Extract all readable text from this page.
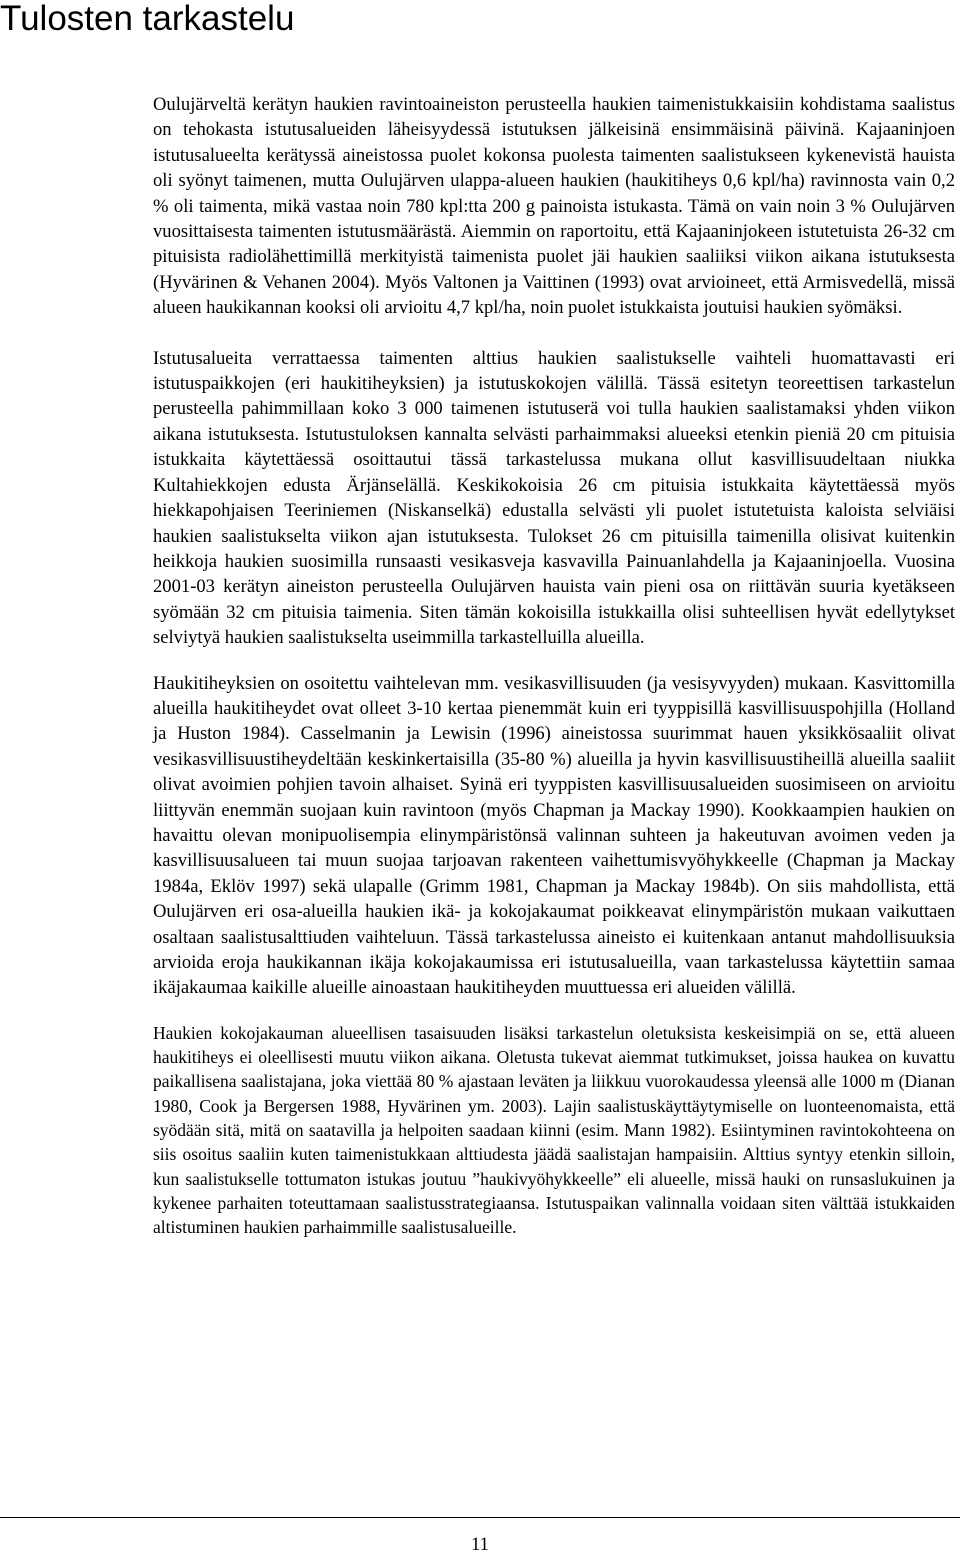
Tulosten tarkastelu

Oulujärveltä kerätyn haukien ravintoaineiston perusteella haukien taimenistukkaisiin kohdistama saalistus on tehokasta istutusalueiden läheisyydessä istutuksen jälkeisinä ensimmäisinä päivinä. Kajaaninjoen istutusalueelta kerätyssä aineistossa puolet kokonsa puolesta taimenten saalistukseen kykenevistä hauista oli syönyt taimenen, mutta Oulujärven ulappa-alueen haukien (haukitiheys 0,6 kpl/ha) ravinnosta vain 0,2 % oli taimenta, mikä vastaa noin 780 kpl:tta 200 g painoista istukasta. Tämä on vain noin 3 % Oulujärven vuosittaisesta taimenten istutusmäärästä. Aiemmin on raportoitu, että Kajaaninjokeen istutetuista 26-32 cm pituisista radiolähettimillä merkityistä taimenista puolet jäi haukien saaliiksi viikon aikana istutuksesta (Hyvärinen & Vehanen 2004). Myös Valtonen ja Vaittinen (1993) ovat arvioineet, että Armisvedellä, missä alueen haukikannan kooksi oli arvioitu 4,7 kpl/ha, noin puolet istukkaista joutuisi haukien syömäksi.

Istutusalueita verrattaessa taimenten alttius haukien saalistukselle vaihteli huomattavasti eri istutuspaikkojen (eri haukitiheyksien) ja istutuskokojen välillä. Tässä esitetyn teoreettisen tarkastelun perusteella pahimmillaan koko 3 000 taimenen istutuserä voi tulla haukien saalistamaksi yhden viikon aikana istutuksesta. Istutustuloksen kannalta selvästi parhaimmaksi alueeksi etenkin pieniä 20 cm pituisia istukkaita käytettäessä osoittautui tässä tarkastelussa mukana ollut kasvillisuudeltaan niukka Kultahiekkojen edusta Ärjänselällä. Keskikokoisia 26 cm pituisia istukkaita käytettäessä myös hiekkapohjaisen Teeriniemen (Niskanselkä) edustalla selvästi yli puolet istutetuista kaloista selviäisi haukien saalistukselta viikon ajan istutuksesta. Tulokset 26 cm pituisilla taimenilla olisivat kuitenkin heikkoja haukien suosimilla runsaasti vesikasveja kasvavilla Painuanlahdella ja Kajaaninjoella. Vuosina 2001-03 kerätyn aineiston perusteella Oulujärven hauista vain pieni osa on riittävän suuria kyetäkseen syömään 32 cm pituisia taimenia. Siten tämän kokoisilla istukkailla olisi suhteellisen hyvät edellytykset selviytyä haukien saalistukselta useimmilla tarkastelluilla alueilla.

Haukitiheyksien on osoitettu vaihtelevan mm. vesikasvillisuuden (ja vesisyvyyden) mukaan. Kasvittomilla alueilla haukitiheydet ovat olleet 3-10 kertaa pienemmät kuin eri tyyppisillä kasvillisuuspohjilla (Holland ja Huston 1984). Casselmanin ja Lewisin (1996) aineistossa suurimmat hauen yksikkösaaliit olivat vesikasvillisuustiheydeltään keskinkertaisilla (35-80 %) alueilla ja hyvin kasvillisuustiheillä alueilla saaliit olivat avoimien pohjien tavoin alhaiset. Syinä eri tyyppisten kasvillisuusalueiden suosimiseen on arvioitu liittyvän enemmän suojaan kuin ravintoon (myös Chapman ja Mackay 1990). Kookkaampien haukien on havaittu olevan monipuolisempia elinympäristönsä valinnan suhteen ja hakeutuvan avoimen veden ja kasvillisuusalueen tai muun suojaa tarjoavan rakenteen vaihettumisvyöhykkeelle (Chapman ja Mackay 1984a, Eklöv 1997) sekä ulapalle (Grimm 1981, Chapman ja Mackay 1984b). On siis mahdollista, että Oulujärven eri osa-alueilla haukien ikä- ja kokojakaumat poikkeavat elinympäristön mukaan vaikuttaen osaltaan saalistusalttiuden vaihteluun. Tässä tarkastelussa aineisto ei kuitenkaan antanut mahdollisuuksia arvioida eroja haukikannan ikäja kokojakaumissa eri istutusalueilla, vaan tarkastelussa käytettiin samaa ikäjakaumaa kaikille alueille ainoastaan haukitiheyden muuttuessa eri alueiden välillä.

Haukien kokojakauman alueellisen tasaisuuden lisäksi tarkastelun oletuksista keskeisimpiä on se, että alueen haukitiheys ei oleellisesti muutu viikon aikana. Oletusta tukevat aiemmat tutkimukset, joissa haukea on kuvattu paikallisena saalistajana, joka viettää 80 % ajastaan leväten ja liikkuu vuorokaudessa yleensä alle 1000 m (Dianan 1980, Cook ja Bergersen 1988, Hyvärinen ym. 2003). Lajin saalistuskäyttäytymiselle on luonteenomaista, että syödään sitä, mitä on saatavilla ja helpoiten saadaan kiinni (esim. Mann 1982). Esiintyminen ravintokohteena on siis osoitus saaliin kuten taimenistukkaan alttiudesta jäädä saalistajan hampaisiin. Alttius syntyy etenkin silloin, kun saalistukselle tottumaton istukas joutuu ”haukivyöhykkeelle” eli alueelle, missä hauki on runsaslukuinen ja kykenee parhaiten toteuttamaan saalistusstrategiaansa. Istutuspaikan valinnalla voidaan siten välttää istukkaiden altistuminen haukien parhaimmille saalistusalueille.

11
